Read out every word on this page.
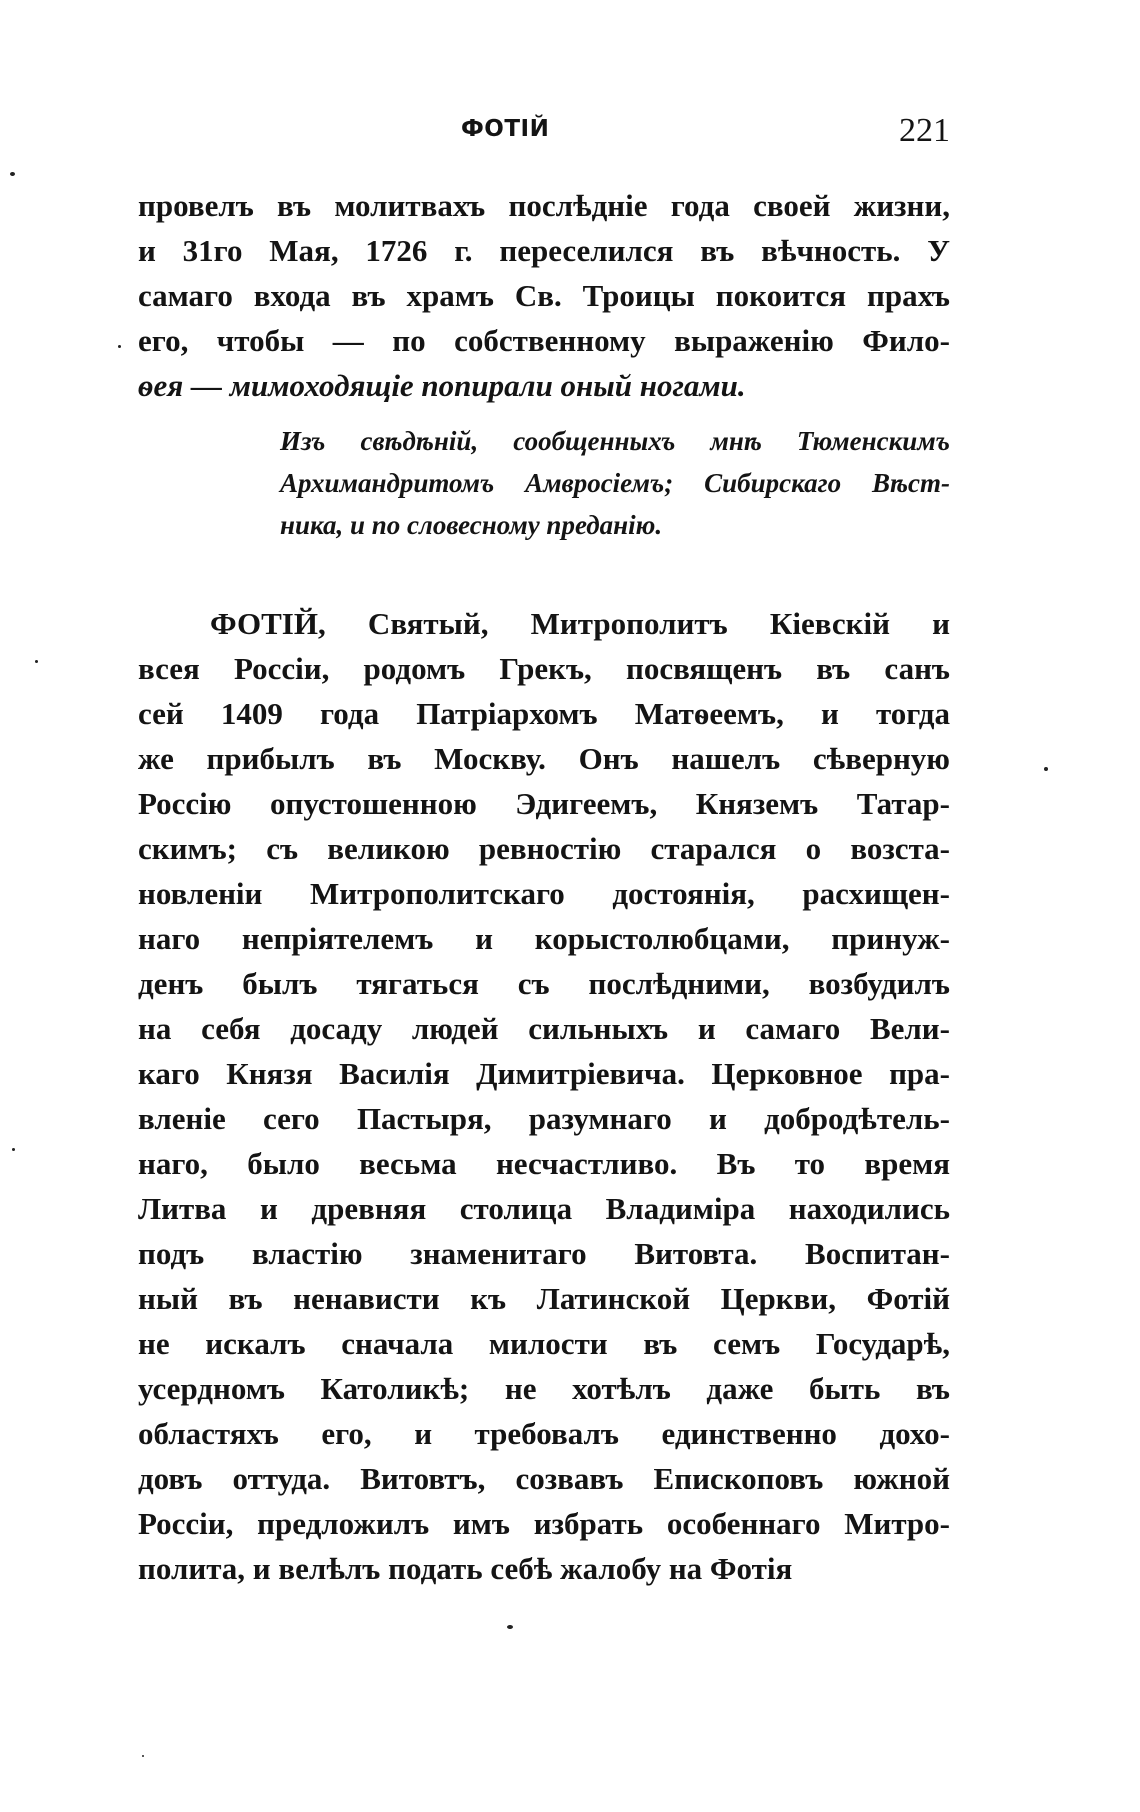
ФОТІЙ	221
провелъ въ молитвахъ послѣдніе года своей жизни,
и 31го Мая, 1726 г. переселился въ вѣчность. У
самаго входа въ храмъ Св. Троицы покоится прахъ
его, чтобы — по собственному выраженію Фило-
ѳея — мимоходящіе попирали оный ногами.
Изъ свѣдѣній, сообщенныхъ мнѣ Тюменскимъ
Архимандритомъ Амвросіемъ; Сибирскаго Вѣст-
ника, и по словесному преданію.
ФОТІЙ, Святый, Митрополитъ Кіевскій и
всея Россіи, родомъ Грекъ, посвященъ въ санъ
сей 1409 года Патріархомъ Матѳеемъ, и тогда
же прибылъ въ Москву. Онъ нашелъ сѣверную
Россію опустошенною Эдигеемъ, Княземъ Татар-
скимъ; съ великою ревностію старался о возста-
новленіи Митрополитскаго достоянія, расхищен-
наго непріятелемъ и корыстолюбцами, принуж-
денъ былъ тягаться съ послѣдними, возбудилъ
на себя досаду людей сильныхъ и самаго Вели-
каго Князя Василія Димитріевича. Церковное пра-
вленіе сего Пастыря, разумнаго и добродѣтель-
наго, было весьма несчастливо. Въ то время
Литва и древняя столица Владиміра находились
подъ властію знаменитаго Витовта. Воспитан-
ный въ ненависти къ Латинской Церкви, Фотій
не искалъ сначала милости въ семъ Государѣ,
усердномъ Католикѣ; не хотѣлъ даже быть въ
областяхъ его, и требовалъ единственно дохо-
довъ оттуда. Витовтъ, созвавъ Епископовъ южной
Россіи, предложилъ имъ избрать особеннаго Митро-
полита, и велѣлъ подать себѣ жалобу на Фотія
